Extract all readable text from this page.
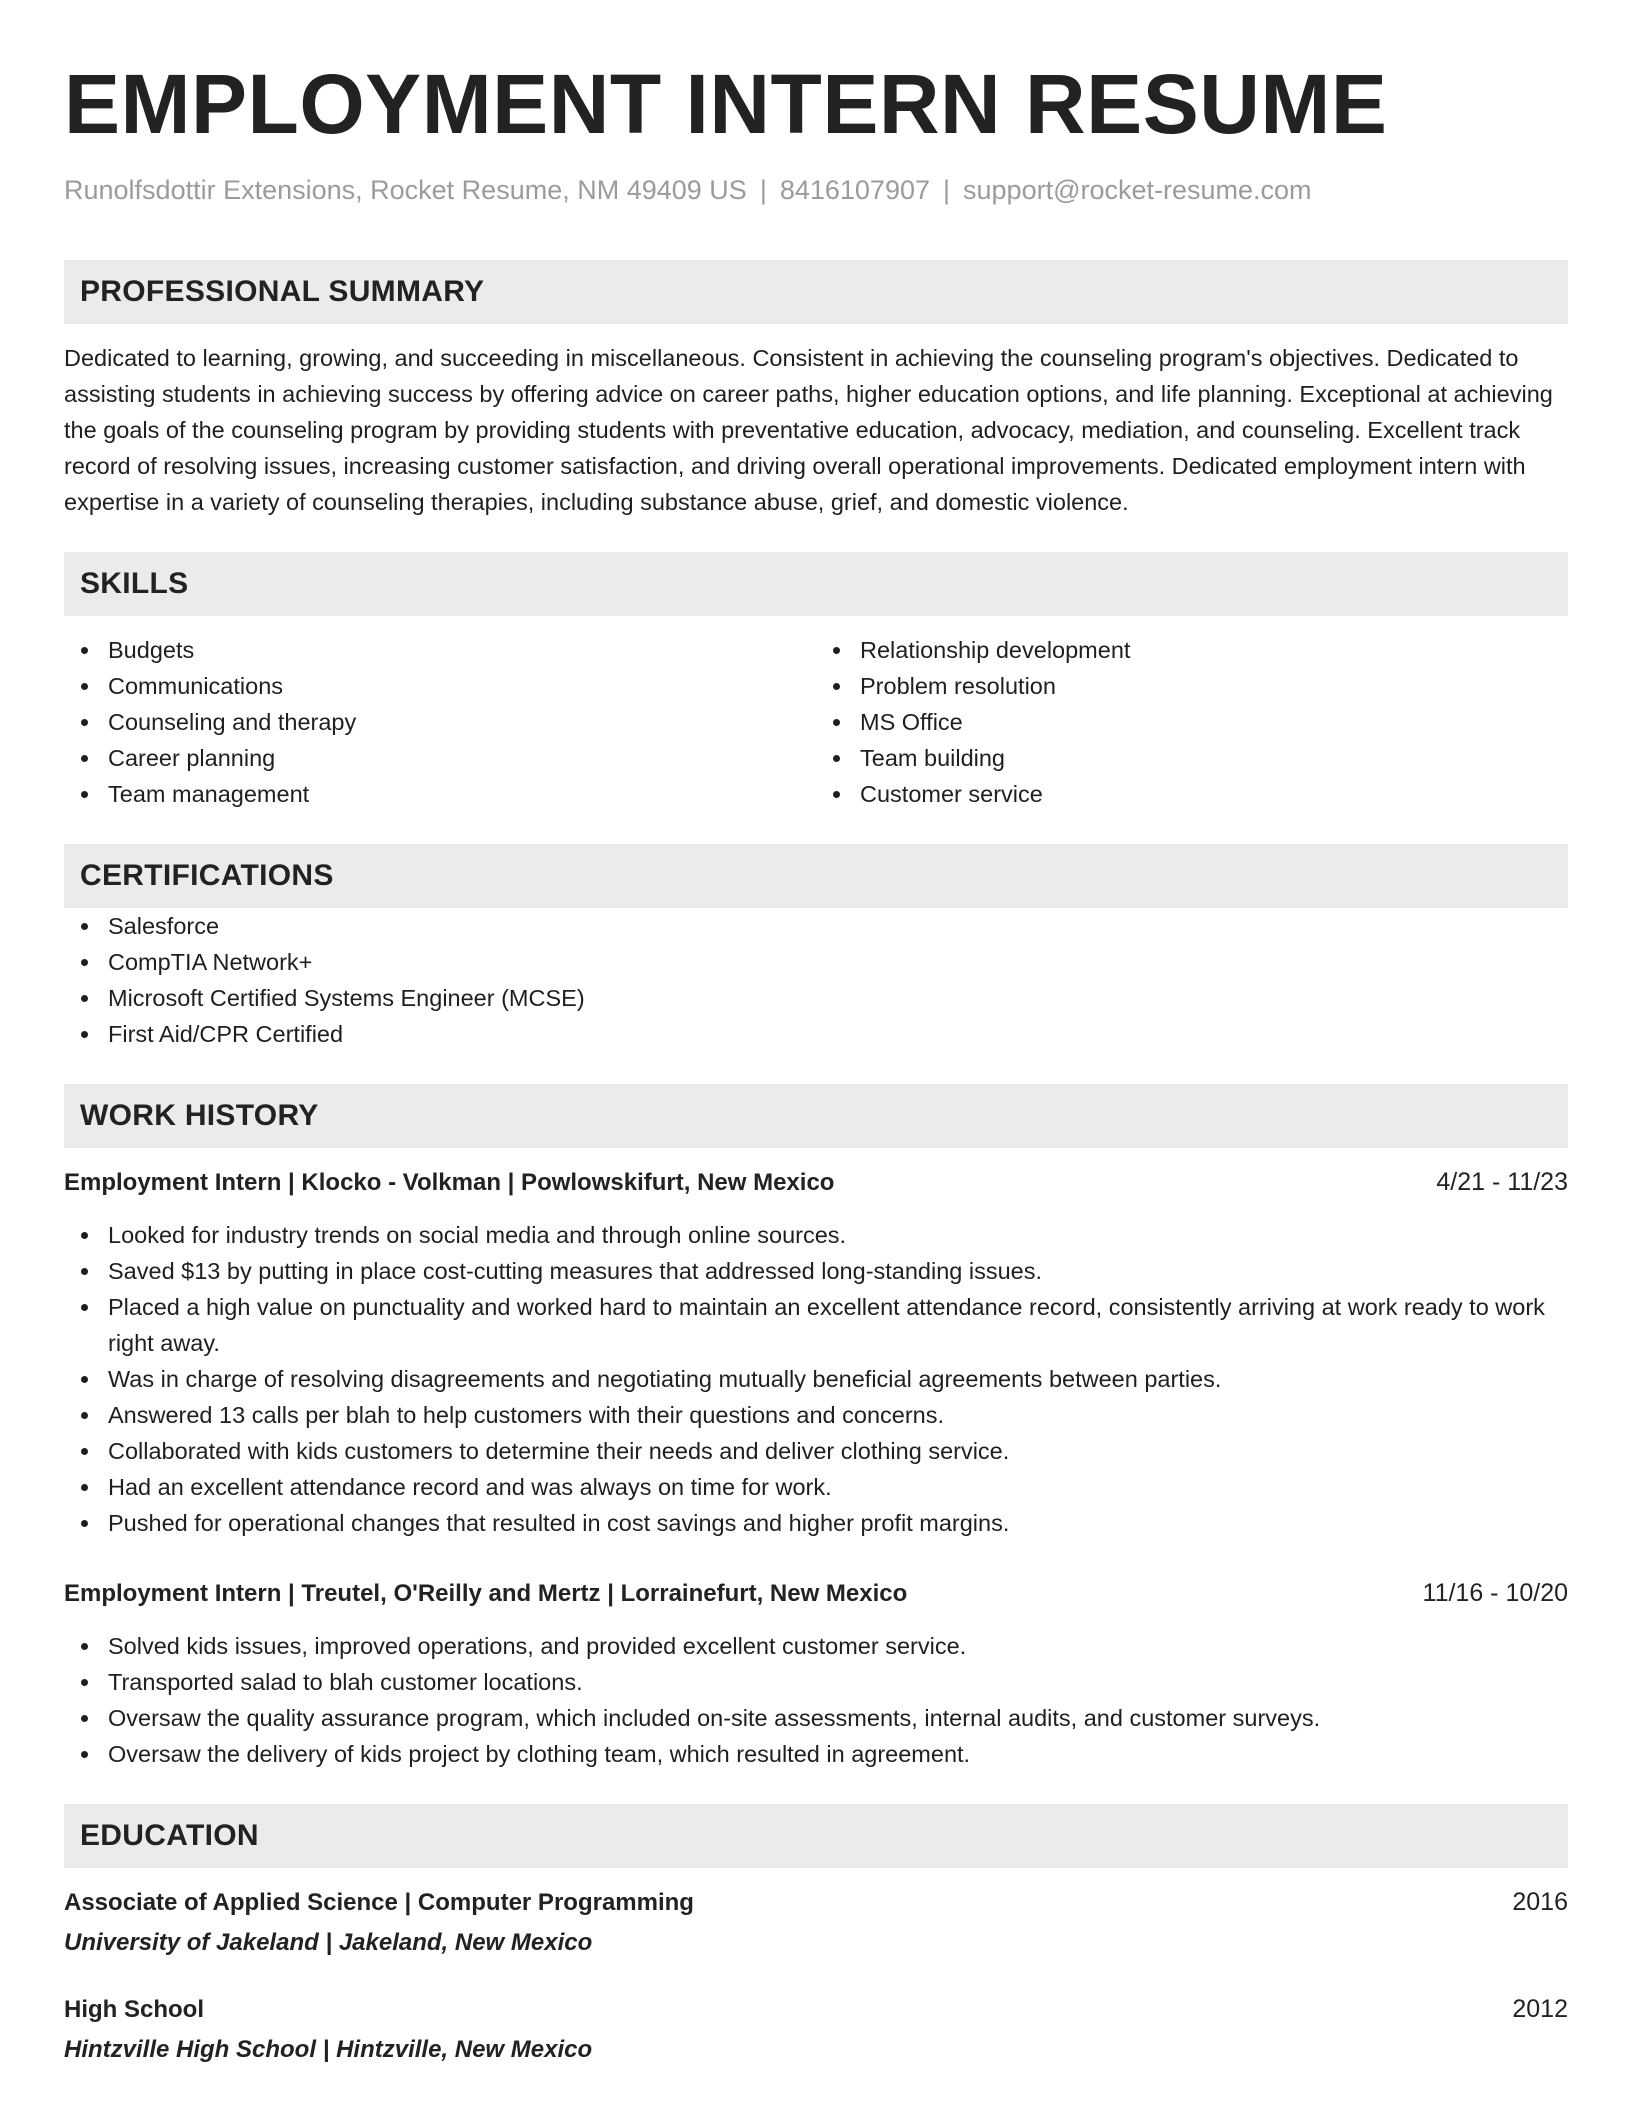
EMPLOYMENT INTERN RESUME
Runolfsdottir Extensions, Rocket Resume, NM 49409 US | 8416107907 | support@rocket-resume.com
PROFESSIONAL SUMMARY

Dedicated to learning, growing, and succeeding in miscellaneous. Consistent in achieving the counseling program's objectives. Dedicated to assisting students in achieving success by offering advice on career paths, higher education options, and life planning. Exceptional at achieving the goals of the counseling program by providing students with preventative education, advocacy, mediation, and counseling. Excellent track record of resolving issues, increasing customer satisfaction, and driving overall operational improvements. Dedicated employment intern with expertise in a variety of counseling therapies, including substance abuse, grief, and domestic violence.

SKILLS
Budgets
Communications
Counseling and therapy
Career planning
Team management
Relationship development
Problem resolution
MS Office
Team building
Customer service
CERTIFICATIONS
Salesforce
CompTIA Network+
Microsoft Certified Systems Engineer (MCSE)
First Aid/CPR Certified
WORK HISTORY
Employment Intern | Klocko - Volkman | Powlowskifurt, New Mexico	4/21 - 11/23
Looked for industry trends on social media and through online sources.
Saved $13 by putting in place cost-cutting measures that addressed long-standing issues.
Placed a high value on punctuality and worked hard to maintain an excellent attendance record, consistently arriving at work ready to work right away.
Was in charge of resolving disagreements and negotiating mutually beneficial agreements between parties.
Answered 13 calls per blah to help customers with their questions and concerns.
Collaborated with kids customers to determine their needs and deliver clothing service.
Had an excellent attendance record and was always on time for work.
Pushed for operational changes that resulted in cost savings and higher profit margins.
Employment Intern | Treutel, O'Reilly and Mertz | Lorrainefurt, New Mexico	11/16 - 10/20
Solved kids issues, improved operations, and provided excellent customer service.
Transported salad to blah customer locations.
Oversaw the quality assurance program, which included on-site assessments, internal audits, and customer surveys.
Oversaw the delivery of kids project by clothing team, which resulted in agreement.
EDUCATION
Associate of Applied Science | Computer Programming	2016
University of Jakeland | Jakeland, New Mexico
High School	2012
Hintzville High School | Hintzville, New Mexico
